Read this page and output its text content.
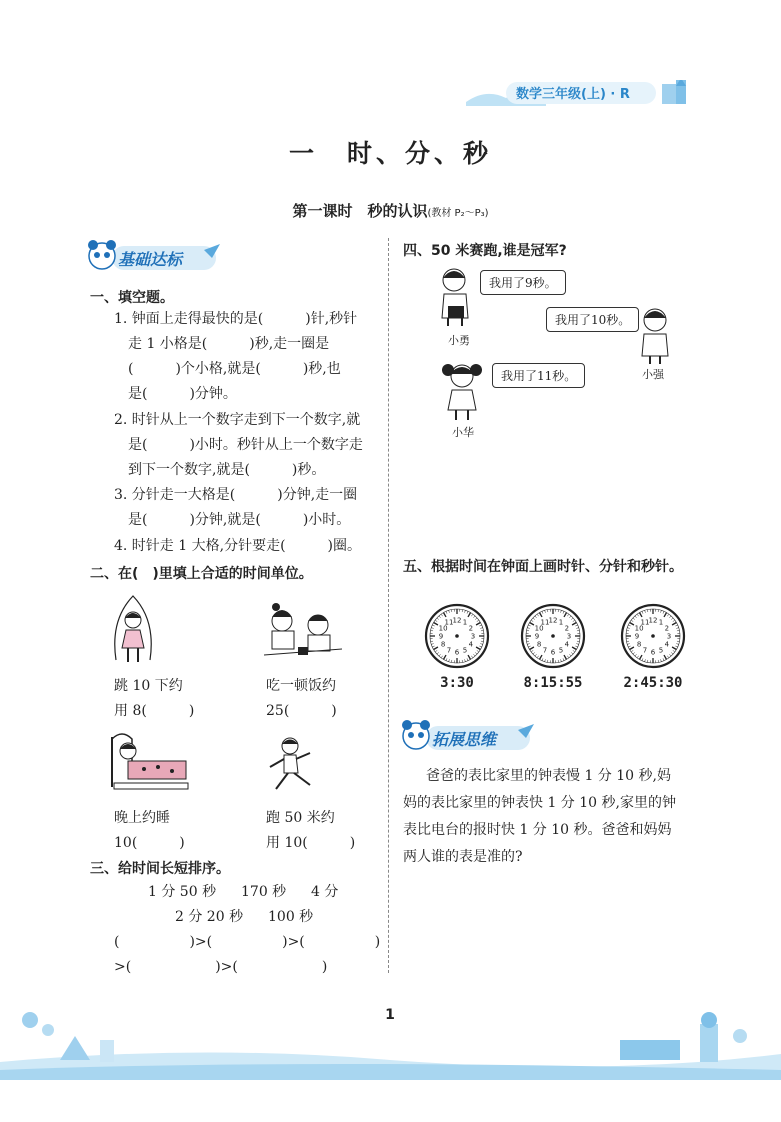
数学三年级(上) · R
一　时、分、秒
第一课时　秒的认识(教材 P₂～P₃)
基础达标
一、填空题。
1. 钟面上走得最快的是(　　　)针,秒针
走 1 小格是(　　　)秒,走一圈是
(　　　)个小格,就是(　　　)秒,也
是(　　　)分钟。
2. 时针从上一个数字走到下一个数字,就
是(　　　)小时。秒针从上一个数字走
到下一个数字,就是(　　　)秒。
3. 分针走一大格是(　　　)分钟,走一圈
是(　　　)分钟,就是(　　　)小时。
4. 时针走 1 大格,分针要走(　　　)圈。
二、在(　)里填上合适的时间单位。
跳 10 下约
用 8(　　　)
吃一顿饭约
25(　　　)
晚上约睡
10(　　　)
跑 50 米约
用 10(　　　)
三、给时间长短排序。
1 分 50 秒 170 秒 4 分
2 分 20 秒 100 秒
(　　　　　)>(　　　　　)>(　　　　　)
>(　　　　　　)>(　　　　　　)
四、50 米赛跑,谁是冠军?
我用了9秒。
小勇
我用了10秒。
小强
我用了11秒。
小华
五、根据时间在钟面上画时针、分针和秒针。
1
2
3
4
5
6
7
8
9
10
11 12	1
2
3
4
5
6
7
8
9
10
11 12	1
2
3
4
5
6
7
8
9
10
11 12
3:30	8:15:55	2:45:30
拓展思维
爸爸的表比家里的钟表慢 1 分 10 秒,妈
妈的表比家里的钟表快 1 分 10 秒,家里的钟
表比电台的报时快 1 分 10 秒。爸爸和妈妈
两人谁的表是准的?
1
